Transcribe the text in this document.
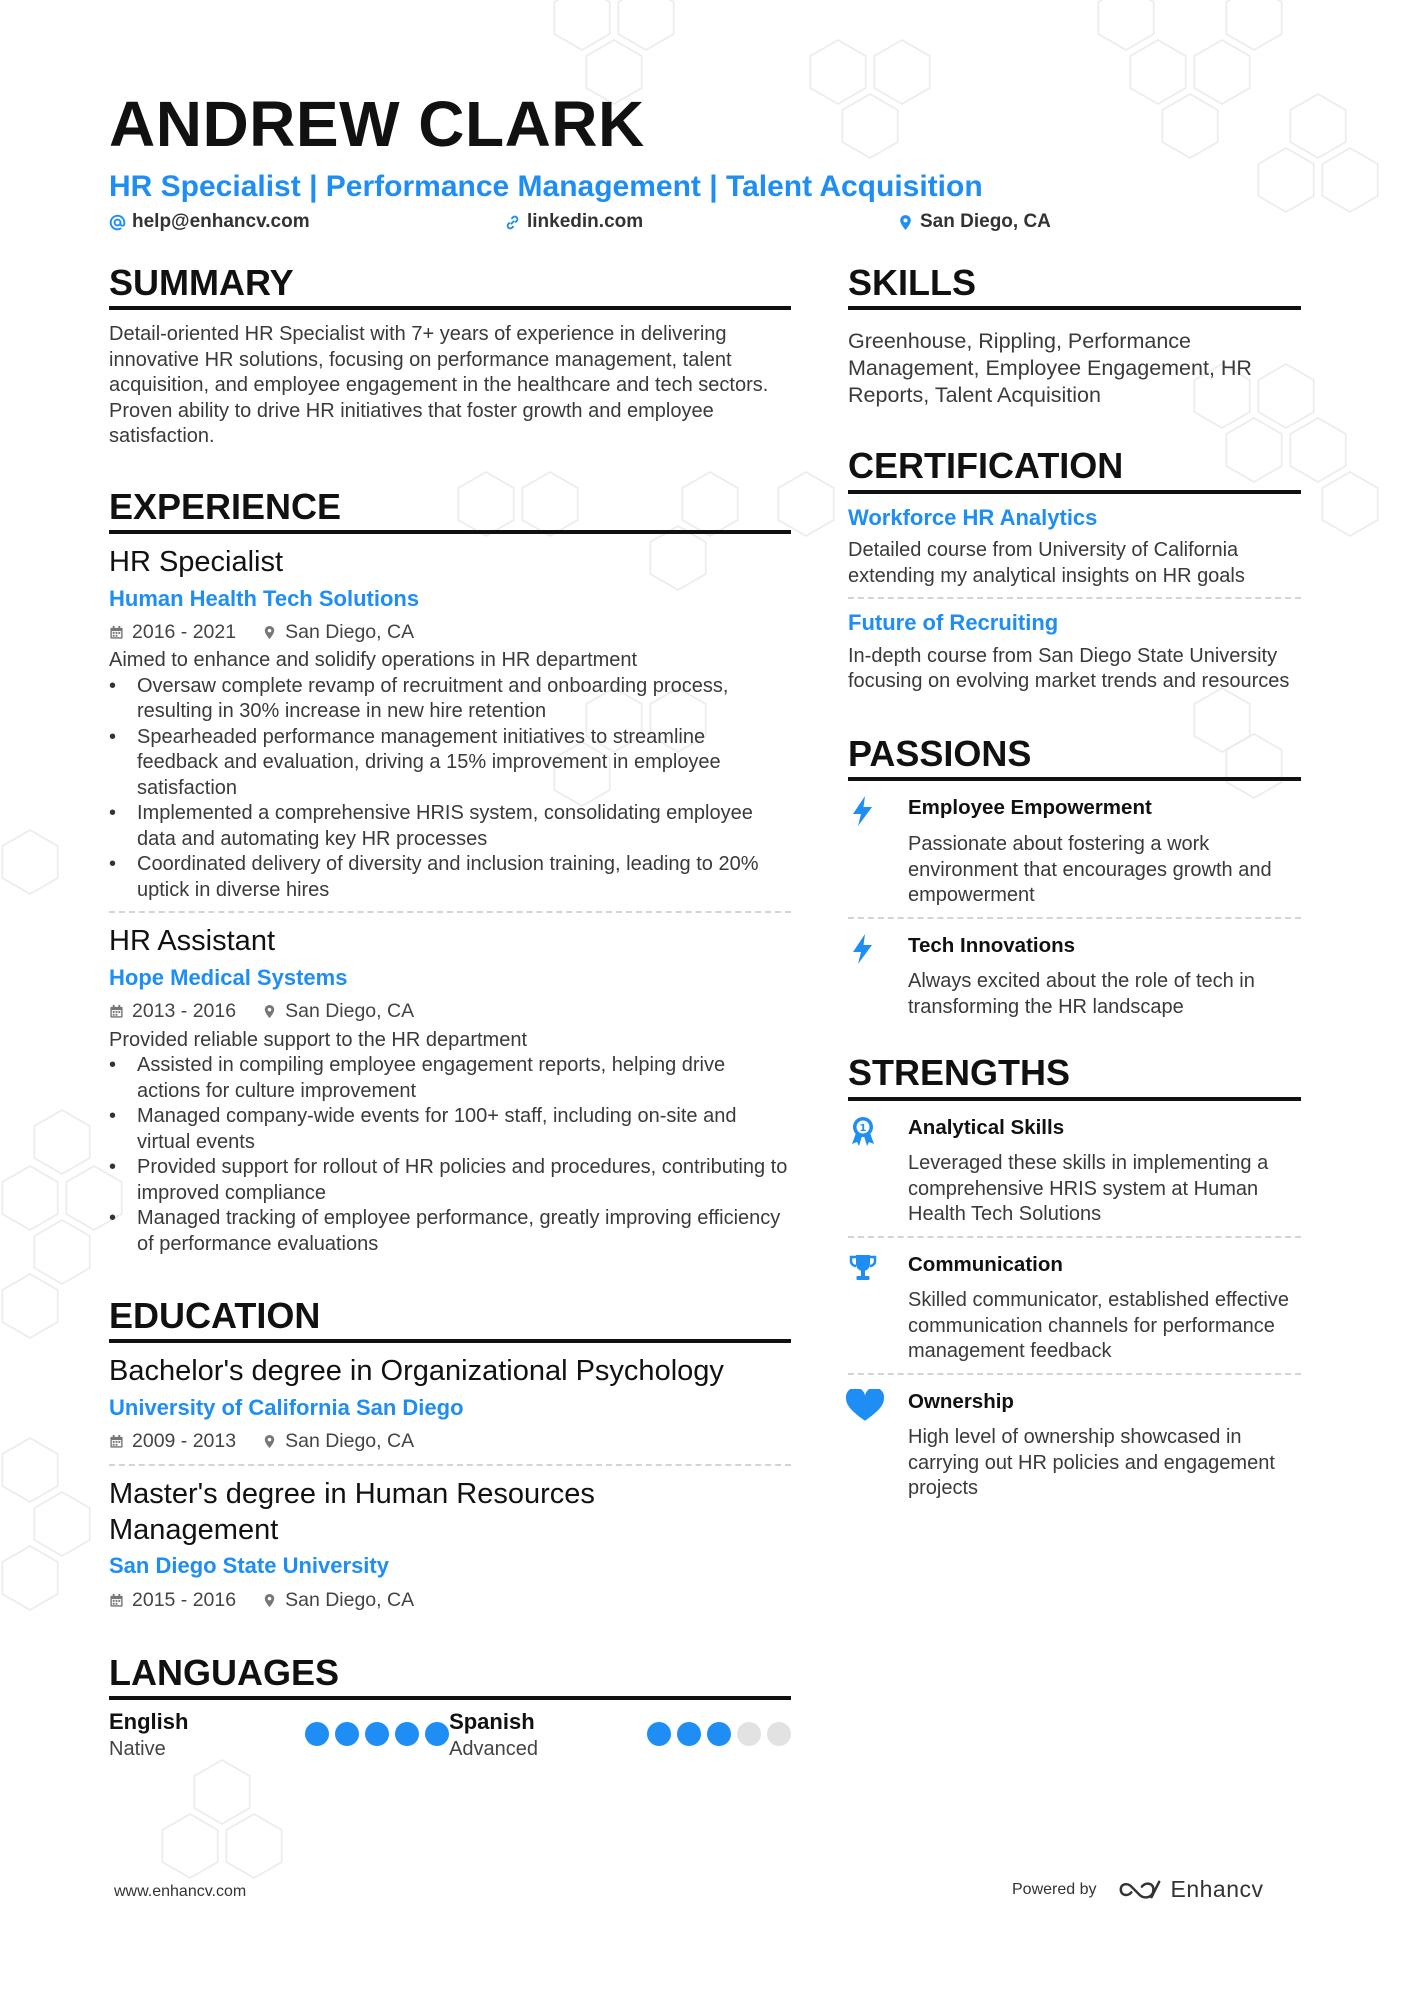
ANDREW CLARK
HR Specialist | Performance Management | Talent Acquisition
help@enhancv.com	linkedin.com	San Diego, CA
SUMMARY
Detail-oriented HR Specialist with 7+ years of experience in delivering innovative HR solutions, focusing on performance management, talent acquisition, and employee engagement in the healthcare and tech sectors. Proven ability to drive HR initiatives that foster growth and employee satisfaction.
EXPERIENCE
HR Specialist
Human Health Tech Solutions
2016 - 2021	San Diego, CA
Aimed to enhance and solidify operations in HR department
• Oversaw complete revamp of recruitment and onboarding process, resulting in 30% increase in new hire retention
• Spearheaded performance management initiatives to streamline feedback and evaluation, driving a 15% improvement in employee satisfaction
• Implemented a comprehensive HRIS system, consolidating employee data and automating key HR processes
• Coordinated delivery of diversity and inclusion training, leading to 20% uptick in diverse hires
HR Assistant
Hope Medical Systems
2013 - 2016	San Diego, CA
Provided reliable support to the HR department
• Assisted in compiling employee engagement reports, helping drive actions for culture improvement
• Managed company-wide events for 100+ staff, including on-site and virtual events
• Provided support for rollout of HR policies and procedures, contributing to improved compliance
• Managed tracking of employee performance, greatly improving efficiency of performance evaluations
EDUCATION
Bachelor's degree in Organizational Psychology
University of California San Diego
2009 - 2013	San Diego, CA
Master's degree in Human Resources Management
San Diego State University
2015 - 2016	San Diego, CA
LANGUAGES
English
Native
Spanish
Advanced
SKILLS
Greenhouse, Rippling, Performance Management, Employee Engagement, HR Reports, Talent Acquisition
CERTIFICATION
Workforce HR Analytics
Detailed course from University of California extending my analytical insights on HR goals
Future of Recruiting
In-depth course from San Diego State University focusing on evolving market trends and resources
PASSIONS
Employee Empowerment
Passionate about fostering a work environment that encourages growth and empowerment
Tech Innovations
Always excited about the role of tech in transforming the HR landscape
STRENGTHS
1 Analytical Skills
Leveraged these skills in implementing a comprehensive HRIS system at Human Health Tech Solutions
Communication
Skilled communicator, established effective communication channels for performance management feedback
Ownership
High level of ownership showcased in carrying out HR policies and engagement projects
www.enhancv.com	Powered by	Enhancv
